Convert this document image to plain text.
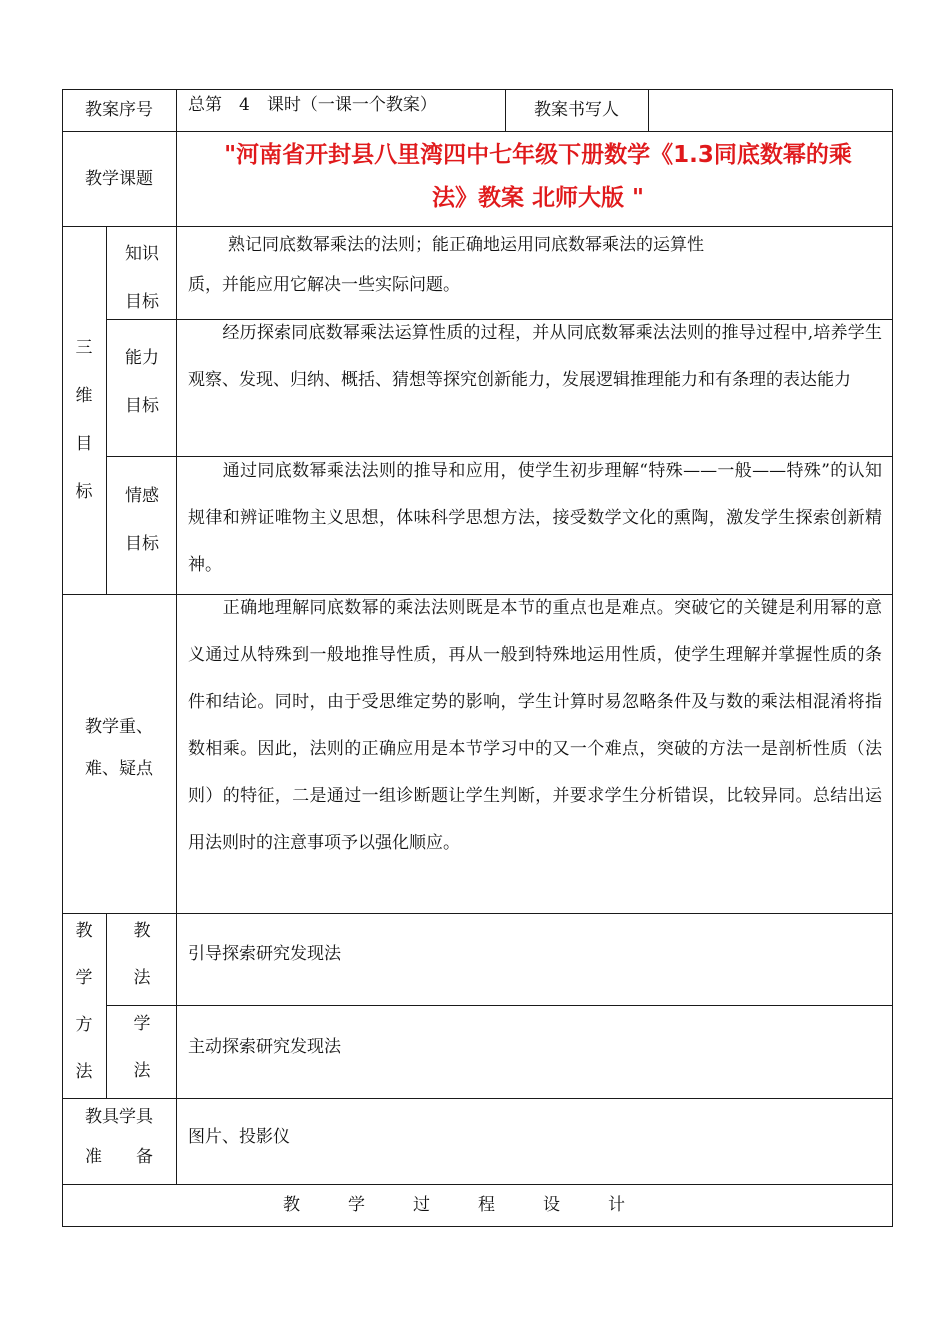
教案序号	总第　4　课时（一课一个教案）	教案书写人
教学课题
"河南省开封县八里湾四中七年级下册数学《1.3同底数幂的乘
法》教案 北师大版 "
三
维
目
标
知识
目标
熟记同底数幂乘法的法则；能正确地运用同底数幂乘法的运算性
质，并能应用它解决一些实际问题。
能力
目标
　　经历探索同底数幂乘法运算性质的过程，并从同底数幂乘法法则的推导过程中,培养学生观察、发现、归纳、概括、猜想等探究创新能力，发展逻辑推理能力和有条理的表达能力
情感
目标
　　通过同底数幂乘法法则的推导和应用，使学生初步理解“特殊——一般——特殊”的认知规律和辨证唯物主义思想，体味科学思想方法，接受数学文化的熏陶，激发学生探索创新精神。
教学重、
难、疑点
　　正确地理解同底数幂的乘法法则既是本节的重点也是难点。突破它的关键是利用幂的意义通过从特殊到一般地推导性质，再从一般到特殊地运用性质，使学生理解并掌握性质的条件和结论。同时，由于受思维定势的影响，学生计算时易忽略条件及与数的乘法相混淆将指数相乘。因此，法则的正确应用是本节学习中的又一个难点，突破的方法一是剖析性质（法则）的特征，二是通过一组诊断题让学生判断，并要求学生分析错误，比较异同。总结出运用法则时的注意事项予以强化顺应。
教
学
方
法
教
法
引导探索研究发现法
学
法
主动探索研究发现法
教具学具
准　　备
图片、投影仪
教学过程设计
